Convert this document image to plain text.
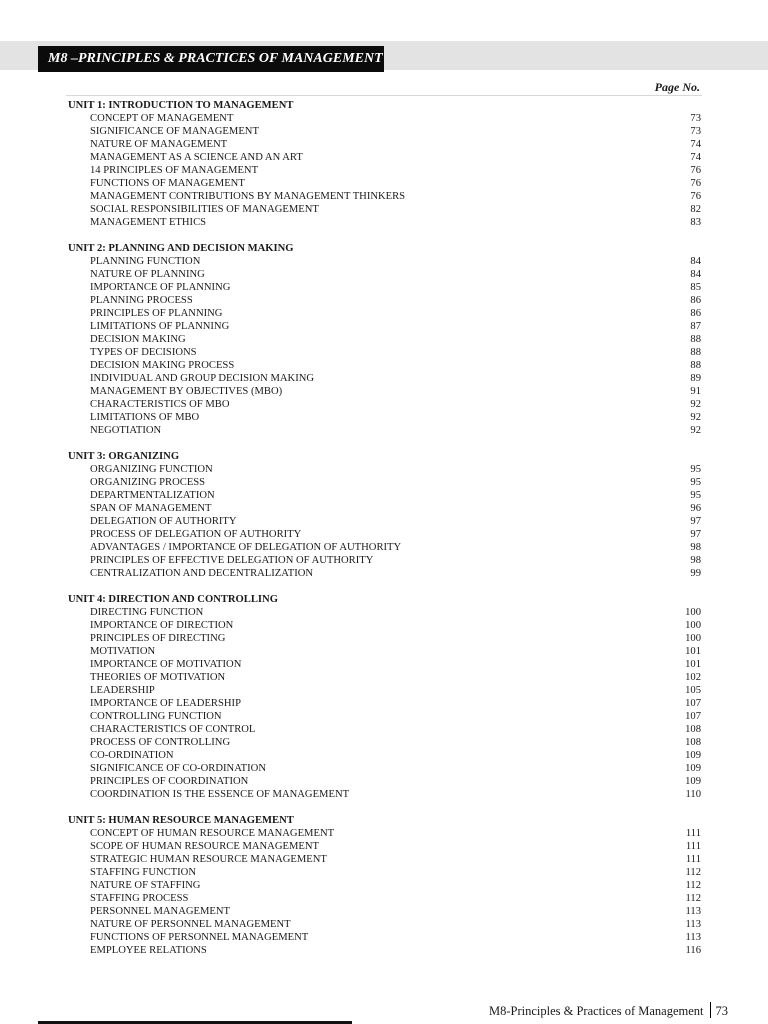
M8 –PRINCIPLES & PRACTICES OF MANAGEMENT
Page No.
UNIT 1: INTRODUCTION TO MANAGEMENT
CONCEPT OF MANAGEMENT	73
SIGNIFICANCE OF MANAGEMENT	73
NATURE OF MANAGEMENT	74
MANAGEMENT AS A SCIENCE AND AN ART	74
14 PRINCIPLES OF MANAGEMENT	76
FUNCTIONS OF MANAGEMENT	76
MANAGEMENT CONTRIBUTIONS BY MANAGEMENT THINKERS	76
SOCIAL RESPONSIBILITIES OF MANAGEMENT	82
MANAGEMENT ETHICS	83
UNIT 2: PLANNING AND DECISION MAKING
PLANNING FUNCTION	84
NATURE OF PLANNING	84
IMPORTANCE OF PLANNING	85
PLANNING PROCESS	86
PRINCIPLES OF PLANNING	86
LIMITATIONS OF PLANNING	87
DECISION MAKING	88
TYPES OF DECISIONS	88
DECISION MAKING PROCESS	88
INDIVIDUAL AND GROUP DECISION MAKING	89
MANAGEMENT BY OBJECTIVES (MBO)	91
CHARACTERISTICS OF MBO	92
LIMITATIONS OF MBO	92
NEGOTIATION	92
UNIT 3: ORGANIZING
ORGANIZING FUNCTION	95
ORGANIZING PROCESS	95
DEPARTMENTALIZATION	95
SPAN OF MANAGEMENT	96
DELEGATION OF AUTHORITY	97
PROCESS OF DELEGATION OF AUTHORITY	97
ADVANTAGES / IMPORTANCE OF DELEGATION OF AUTHORITY	98
PRINCIPLES OF EFFECTIVE DELEGATION OF AUTHORITY	98
CENTRALIZATION AND DECENTRALIZATION	99
UNIT 4: DIRECTION AND CONTROLLING
DIRECTING FUNCTION	100
IMPORTANCE OF DIRECTION	100
PRINCIPLES OF DIRECTING	100
MOTIVATION	101
IMPORTANCE OF MOTIVATION	101
THEORIES OF MOTIVATION	102
LEADERSHIP	105
IMPORTANCE OF LEADERSHIP	107
CONTROLLING FUNCTION	107
CHARACTERISTICS OF CONTROL	108
PROCESS OF CONTROLLING	108
CO-ORDINATION	109
SIGNIFICANCE OF CO-ORDINATION	109
PRINCIPLES OF COORDINATION	109
COORDINATION IS THE ESSENCE OF MANAGEMENT	110
UNIT 5: HUMAN RESOURCE MANAGEMENT
CONCEPT OF HUMAN RESOURCE MANAGEMENT	111
SCOPE OF HUMAN RESOURCE MANAGEMENT	111
STRATEGIC HUMAN RESOURCE MANAGEMENT	111
STAFFING FUNCTION	112
NATURE OF STAFFING	112
STAFFING PROCESS	112
PERSONNEL MANAGEMENT	113
NATURE OF PERSONNEL MANAGEMENT	113
FUNCTIONS OF PERSONNEL MANAGEMENT	113
EMPLOYEE RELATIONS	116
M8-Principles & Practices of Management 73
